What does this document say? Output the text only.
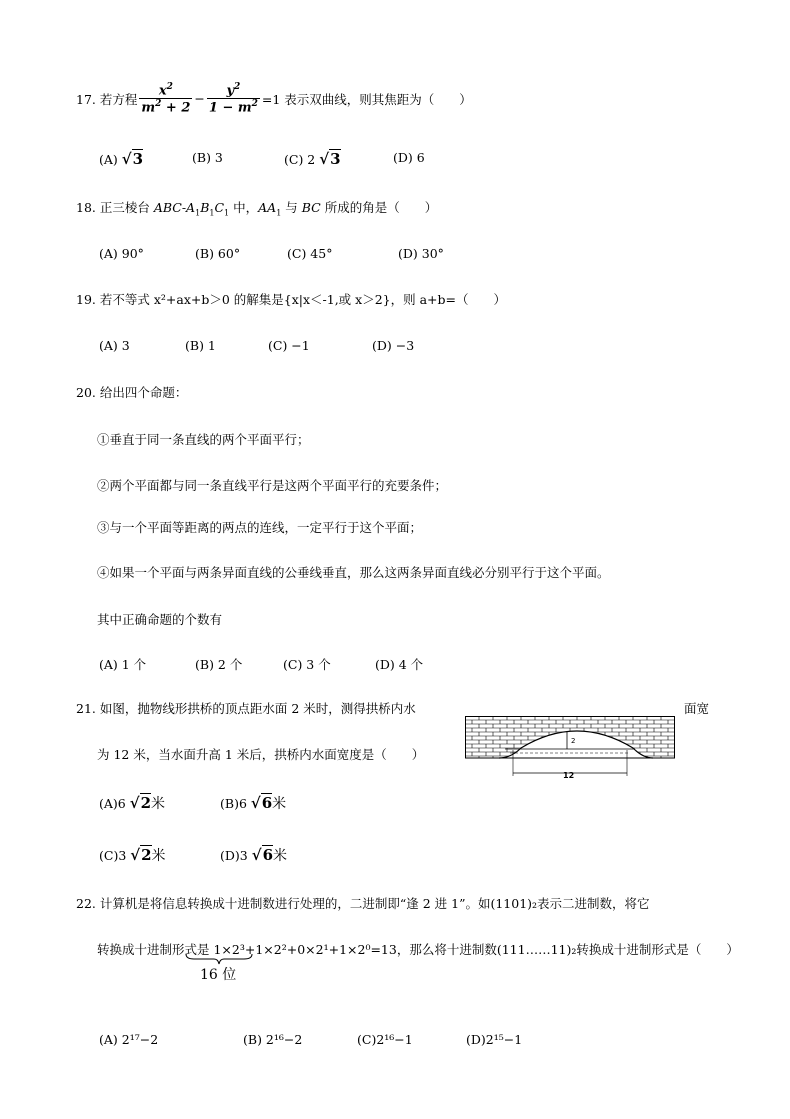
17. 若方程 $\frac{x^2}{m^2 + 2} - \frac{y^2}{1 - m^2} =1$ 表示双曲线，则其焦距为（　　）
(A) √3	(B) 3	(C) 2 √3	(D) 6
18. 正三棱台 ABC-$A_1B_1C_1$ 中，$AA_1$ 与 BC 所成的角是（　　）
(A) 90°	(B) 60°	(C) 45°	(D) 30°
19. 若不等式 x²+ax+b＞0 的解集是{x|x＜-1,或 x＞2}，则 a+b=（　　）
(A) 3	(B) 1	(C) −1	(D) −3
20. 给出四个命题：
①垂直于同一条直线的两个平面平行；
②两个平面都与同一条直线平行是这两个平面平行的充要条件；
③与一个平面等距离的两点的连线，一定平行于这个平面；
④如果一个平面与两条异面直线的公垂线垂直，那么这两条异面直线必分别平行于这个平面。
其中正确命题的个数有
(A) 1 个	(B) 2 个	(C) 3 个	(D) 4 个
21. 如图，抛物线形拱桥的顶点距水面 2 米时，测得拱桥内水	面宽
为 12 米，当水面升高 1 米后，拱桥内水面宽度是（　　）
2
12
(A)6 √2米	(B)6 √6米
(C)3 √2米	(D)3 √6米
22. 计算机是将信息转换成十进制数进行处理的，二进制即“逢 2 进 1”。如(1101)₂表示二进制数，将它
转换成十进制形式是 1×2³+1×2²+0×2¹+1×2⁰=13，那么将十进制数(111……11)₂转换成十进制形式是（　　）
16 位
(A) 2¹⁷−2	(B) 2¹⁶−2	(C)2¹⁶−1	(D)2¹⁵−1
